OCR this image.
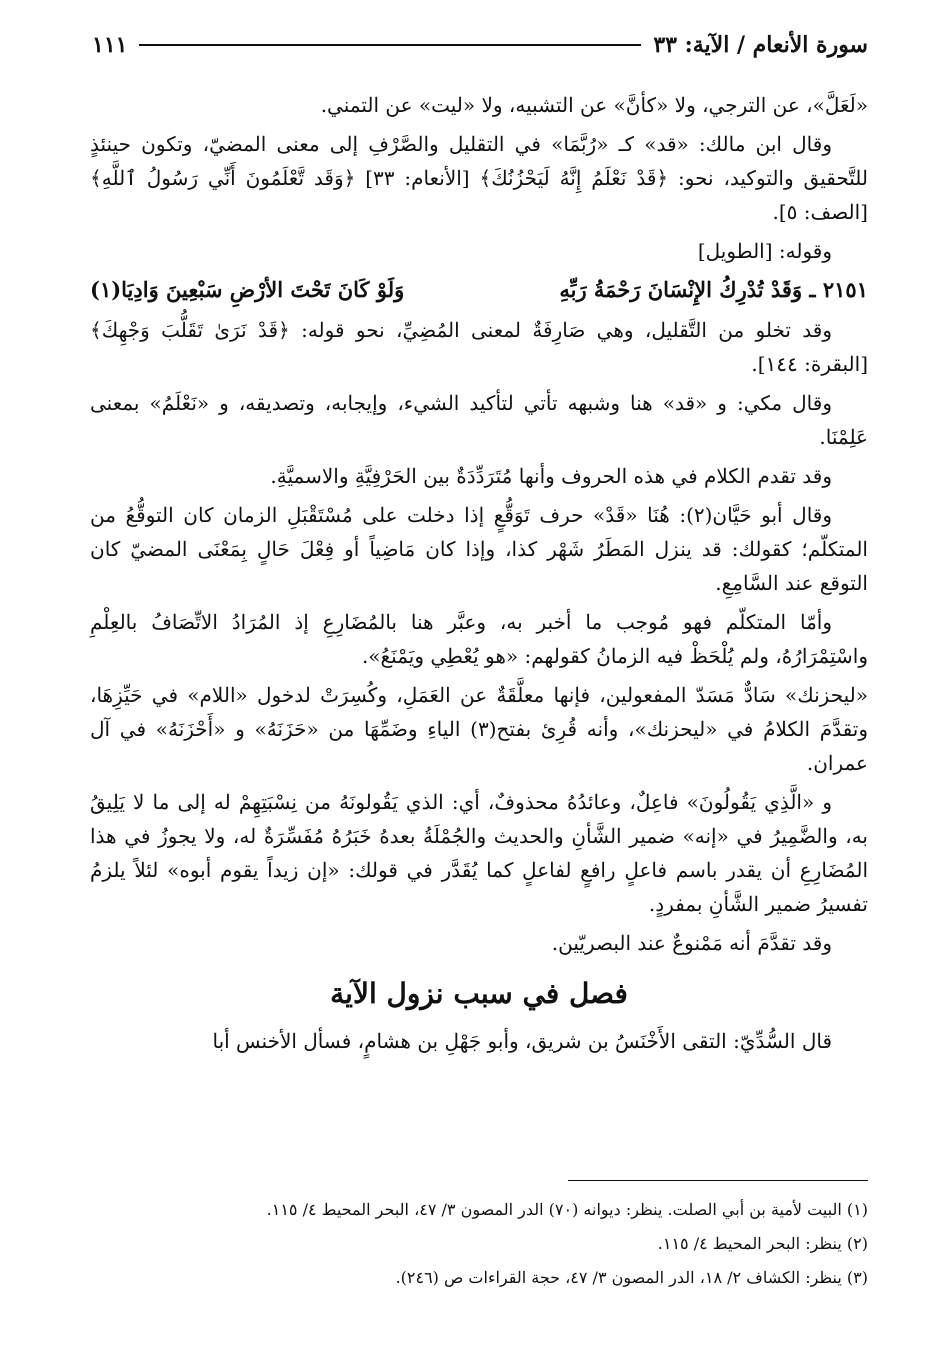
سورة الأنعام / الآية: ٣٣
١١١

«لَعَلَّ»، عن الترجي، ولا «كأنَّ» عن التشبيه، ولا «ليت» عن التمني.

وقال ابن مالك: «قد» كـ «رُبَّمَا» في التقليل والصَّرْفِ إلى معنى المضيّ، وتكون حينئذٍ للتَّحقيق والتوكيد، نحو: ﴿قَدْ نَعْلَمُ إِنَّهُ لَيَحْزُنُكَ﴾ [الأنعام: ٣٣] ﴿وَقَد تَّعْلَمُونَ أَنِّي رَسُولُ ٱللَّهِ﴾ [الصف: ٥].

وقوله: [الطويل]

٢١٥١ ـ وَقَدْ تُدْرِكُ الإِنْسَانَ رَحْمَةُ رَبِّهِ
وَلَوْ كَانَ تَحْتَ الأرْضِ سَبْعِينَ وَادِيَا(١)

وقد تخلو من التَّقليل، وهي صَارِفَةٌ لمعنى المُضِيِّ، نحو قوله: ﴿قَدْ نَرَىٰ تَقَلُّبَ وَجْهِكَ﴾ [البقرة: ١٤٤].

وقال مكي: و «قد» هنا وشبهه تأتي لتأكيد الشيء، وإيجابه، وتصديقه، و «نَعْلَمُ» بمعنى عَلِمْنَا.

وقد تقدم الكلام في هذه الحروف وأنها مُتَرَدِّدَةٌ بين الحَرْفِيَّةِ والاسميَّةِ.

وقال أبو حَيَّان(٢): هُنَا «قَدْ» حرف تَوَقُّعٍ إذا دخلت على مُسْتَقْبَلِ الزمان كان التوقُّعُ من المتكلّم؛ كقولك: قد ينزل المَطَرُ شَهْر كذا، وإذا كان مَاضِياً أو فِعْلَ حَالٍ بِمَعْنَى المضيّ كان التوقع عند السَّامِعِ.

وأمّا المتكلّم فهو مُوجب ما أخبر به، وعبَّر هنا بالمُضَارِعِ إذ المُرَادُ الاتِّصَافُ بالعِلْمِ واسْتِمْرَارُهُ، ولم يُلْحَظْ فيه الزمانُ كقولهم: «هو يُعْطِي ويَمْنَعُ».

«ليحزنك» سَادٌّ مَسَدّ المفعولين، فإنها معلَّقَةٌ عن العَمَلِ، وكُسِرَتْ لدخول «اللام» في حَيِّزِهَا، وتقدَّمَ الكلامُ في «ليحزنك»، وأنه قُرِئ بفتح(٣) الياءِ وضَمِّهَا من «حَزَنَهُ» و «أَحْزَنَهُ» في آل عمران.

و «الَّذِي يَقُولُونَ» فاعِلٌ، وعائدُهُ محذوفٌ، أي: الذي يَقُولونَهُ من نِسْبَتِهِمْ له إلى ما لا يَلِيقُ به، والضَّمِيرُ في «إنه» ضمير الشَّأنِ والحديث والجُمْلَةُ بعدهُ خَبَرُهُ مُفَسِّرَةٌ له، ولا يجوزُ في هذا المُضَارِعِ أن يقدر باسم فاعلٍ رافعٍ لفاعلٍ كما يُقَدَّر في قولك: «إن زيداً يقوم أبوه» لئلاً يلزمُ تفسيرُ ضمير الشَّأنِ بمفردٍ.

وقد تقدَّمَ أنه مَمْنوعٌ عند البصريّين.

فصل في سبب نزول الآية

قال السُّدِّيّ: التقى الأَخْنَسُ بن شريق، وأبو جَهْلِ بن هشامٍ، فسأل الأخنس أبا

(١) البيت لأمية بن أبي الصلت. ينظر: ديوانه (٧٠) الدر المصون ٣/ ٤٧، البحر المحيط ٤/ ١١٥.

(٢) ينظر: البحر المحيط ٤/ ١١٥.

(٣) ينظر: الكشاف ٢/ ١٨، الدر المصون ٣/ ٤٧، حجة القراءات ص (٢٤٦).
